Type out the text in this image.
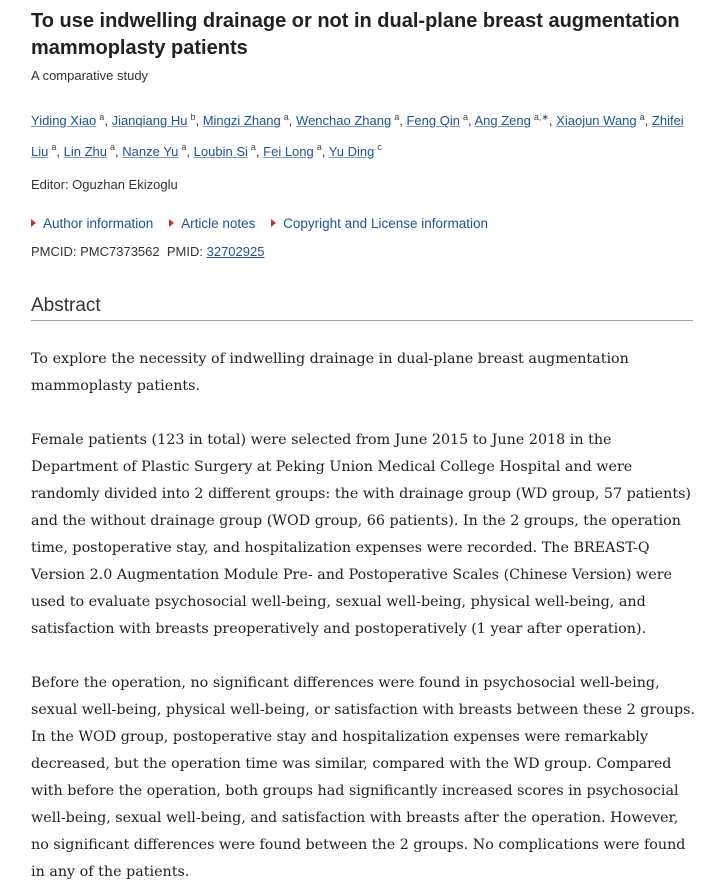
To use indwelling drainage or not in dual-plane breast augmentation mammoplasty patients
A comparative study
Yiding Xiao $^a$, Jianqiang Hu $^b$, Mingzi Zhang $^a$, Wenchao Zhang $^a$, Feng Qin $^a$, Ang Zeng $^{a,∗}$, Xiaojun Wang $^a$, Zhifei Liu $^a$, Lin Zhu $^a$, Nanze Yu $^a$, Loubin Si $^a$, Fei Long $^a$, Yu Ding $^c$
Editor: Oguzhan Ekizoglu
Author information Article notes Copyright and License information
PMCID: PMC7373562 PMID: 32702925
Abstract

To explore the necessity of indwelling drainage in dual-plane breast augmentation mammoplasty patients.

Female patients (123 in total) were selected from June 2015 to June 2018 in the Department of Plastic Surgery at Peking Union Medical College Hospital and were randomly divided into 2 different groups: the with drainage group (WD group, 57 patients) and the without drainage group (WOD group, 66 patients). In the 2 groups, the operation time, postoperative stay, and hospitalization expenses were recorded. The BREAST-Q Version 2.0 Augmentation Module Pre- and Postoperative Scales (Chinese Version) were used to evaluate psychosocial well-being, sexual well-being, physical well-being, and satisfaction with breasts preoperatively and postoperatively (1 year after operation).

Before the operation, no significant differences were found in psychosocial well-being, sexual well-being, physical well-being, or satisfaction with breasts between these 2 groups. In the WOD group, postoperative stay and hospitalization expenses were remarkably decreased, but the operation time was similar, compared with the WD group. Compared with before the operation, both groups had significantly increased scores in psychosocial well-being, sexual well-being, and satisfaction with breasts after the operation. However, no significant differences were found between the 2 groups. No complications were found in any of the patients.
